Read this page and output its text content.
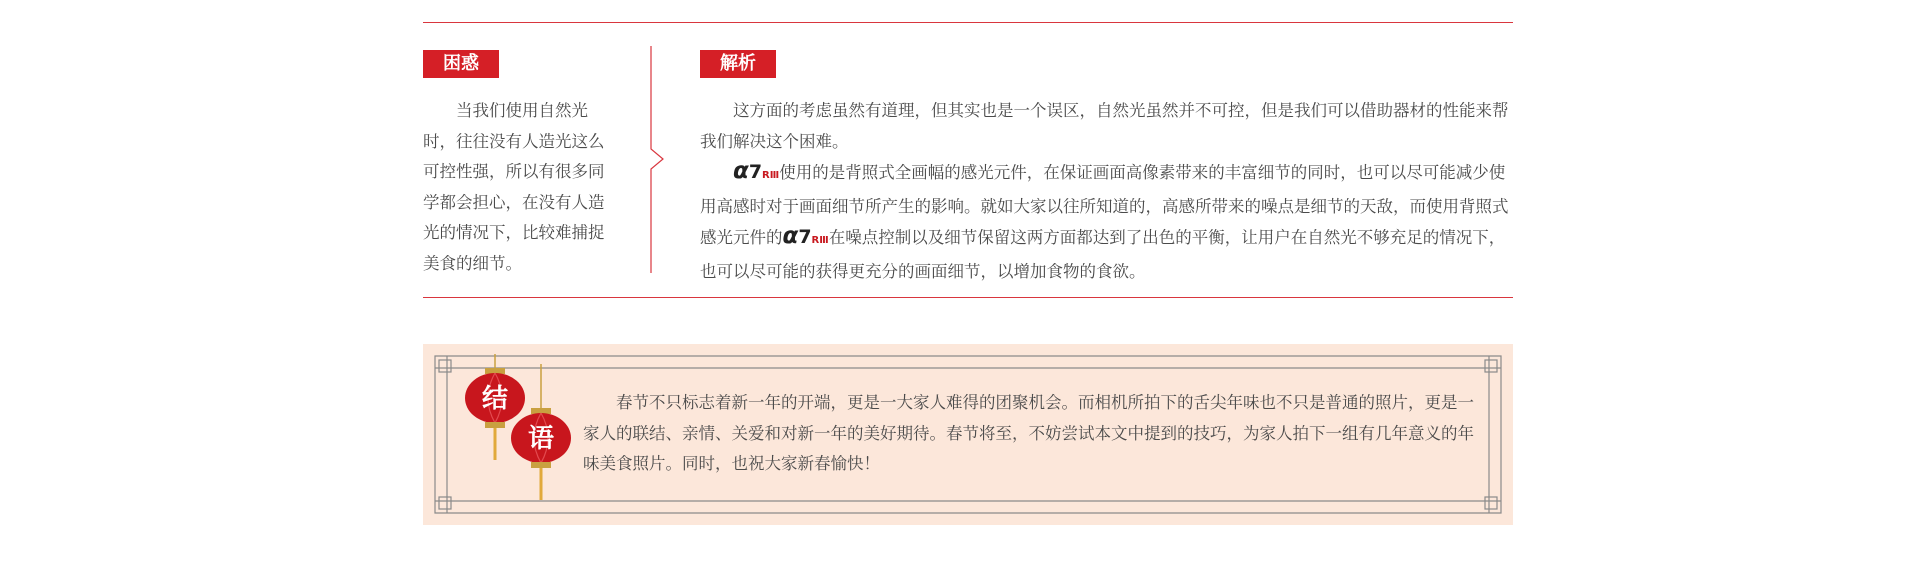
困惑
当我们使用自然光时，往往没有人造光这么可控性强，所以有很多同学都会担心，在没有人造光的情况下，比较难捕捉美食的细节。
解析

这方面的考虑虽然有道理，但其实也是一个误区，自然光虽然并不可控，但是我们可以借助器材的性能来帮我们解决这个困难。

α7RⅢ使用的是背照式全画幅的感光元件，在保证画面高像素带来的丰富细节的同时，也可以尽可能减少使用高感时对于画面细节所产生的影响。就如大家以往所知道的，高感所带来的噪点是细节的天敌，而使用背照式感光元件的α7RⅢ在噪点控制以及细节保留这两方面都达到了出色的平衡，让用户在自然光不够充足的情况下，也可以尽可能的获得更充分的画面细节，以增加食物的食欲。

结
语
春节不只标志着新一年的开端，更是一大家人难得的团聚机会。而相机所拍下的舌尖年味也不只是普通的照片，更是一家人的联结、亲情、关爱和对新一年的美好期待。春节将至，不妨尝试本文中提到的技巧，为家人拍下一组有几年意义的年味美食照片。同时，也祝大家新春愉快！
